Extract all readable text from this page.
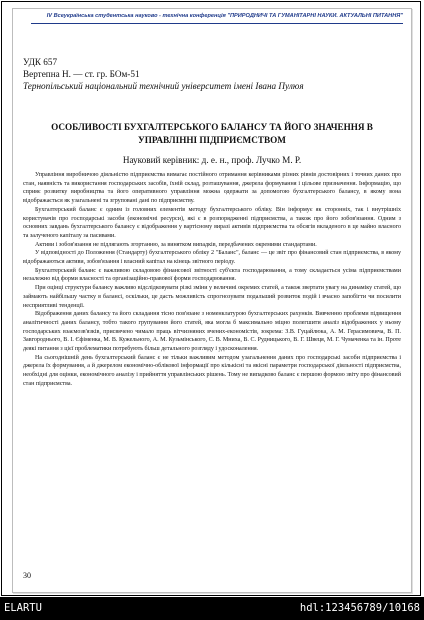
IV Всеукраїнська студентська науково - технічна конференція "ПРИРОДНИЧІ ТА ГУМАНІТАРНІ НАУКИ. АКТУАЛЬНІ ПИТАННЯ"
УДК 657
Вертепна Н. — ст. гр. БОм-51
Тернопільський національний технічний університет імені Івана Пулюя
ОСОБЛИВОСТІ БУХГАЛТЕРСЬКОГО БАЛАНСУ ТА ЙОГО ЗНАЧЕННЯ В УПРАВЛІННІ ПІДПРИЄМСТВОМ
Науковий керівник: д. е. н., проф. Лучко М. Р.

Управління виробничою діяльністю підприємства вимагає постійного отримання керівниками різних рівнів достовірних і точних даних про стан, наявність та використання господарських засобів, їхній склад, розташування, джерела формування і цільове призначення. Інформацію, що сприяє розвитку виробництва та його оперативного управління можна одержати за допомогою бухгалтерського балансу, в якому вона відображається як узагальнені та згруповані дані по підприємству.

Бухгалтерський баланс є одним із головних елементів методу бухгалтерського обліку. Він інформує як сторонніх, так і внутрішніх користувачів про господарські засоби (економічні ресурси), які є в розпорядженні підприємства, а також про його зобов'язання. Одним з основних завдань бухгалтерського балансу є відображення у вартісному виразі активів підприємства та обсягів вкладеного в це майно власного та залученого капіталу за пасивами.

Активи і зобов'язання не підлягають згортанню, за винятком випадків, передбачених окремими стандартами.

У відповідності до Положення (Стандарту) бухгалтерського обліку 2 "Баланс", баланс — це звіт про фінансовий стан підприємства, в якому відображаються активи, зобов'язання і власний капітал на кінець звітного періоду.

Бухгалтерський баланс є важливою складовою фінансової звітності суб'єкта господарювання, а тому складається усіма підприємствами незалежно від форми власності та організаційно-правової форми господарювання.

При оцінці структури балансу важливо відслідковувати різкі зміни у величині окремих статей, а також звертати увагу на динаміку статей, що займають найбільшу частку в балансі, оскільки, це дасть можливість спрогнозувати подальший розвиток подій і вчасно запобігти чи посилити несприятливі тенденції.

Відображення даних балансу та його складання тісно пов'язане з номенклатурою бухгалтерських рахунків. Вивченню проблеми підвищення аналітичності даних балансу, тобто такого групування його статей, яка могла б максимально міцно полегшити аналіз відображених у ньому господарських взаємозв'язків, присвячено чимало праць вітчизняних вчених-економістів, зокрема: З.В. Гуцайлюка, А. М. Герасимовича, В. П. Завгороднього, В. І. Єфіменка, М. В. Кужельного, А. М. Кузьмінського, С. В. Мниха, В. С. Рудницького, В. Г. Швеця, М. Г. Чумаченка та ін. Проте деякі питання з цієї проблематики потребують більш детального розгляду і удосконалення.

На сьогоднішній день бухгалтерський баланс є не тільки важливим методом узагальнення даних про господарські засоби підприємства і джерела їх формування, а й джерелом економічно-облікової інформації про кількісні та якісні параметри господарської діяльності підприємства, необхідні для оцінки, економічного аналізу і прийняття управлінських рішень. Тому не випадково баланс є першою формою звіту про фінансовий стан підприємства.

30
ELARTU	hdl:123456789/10168
